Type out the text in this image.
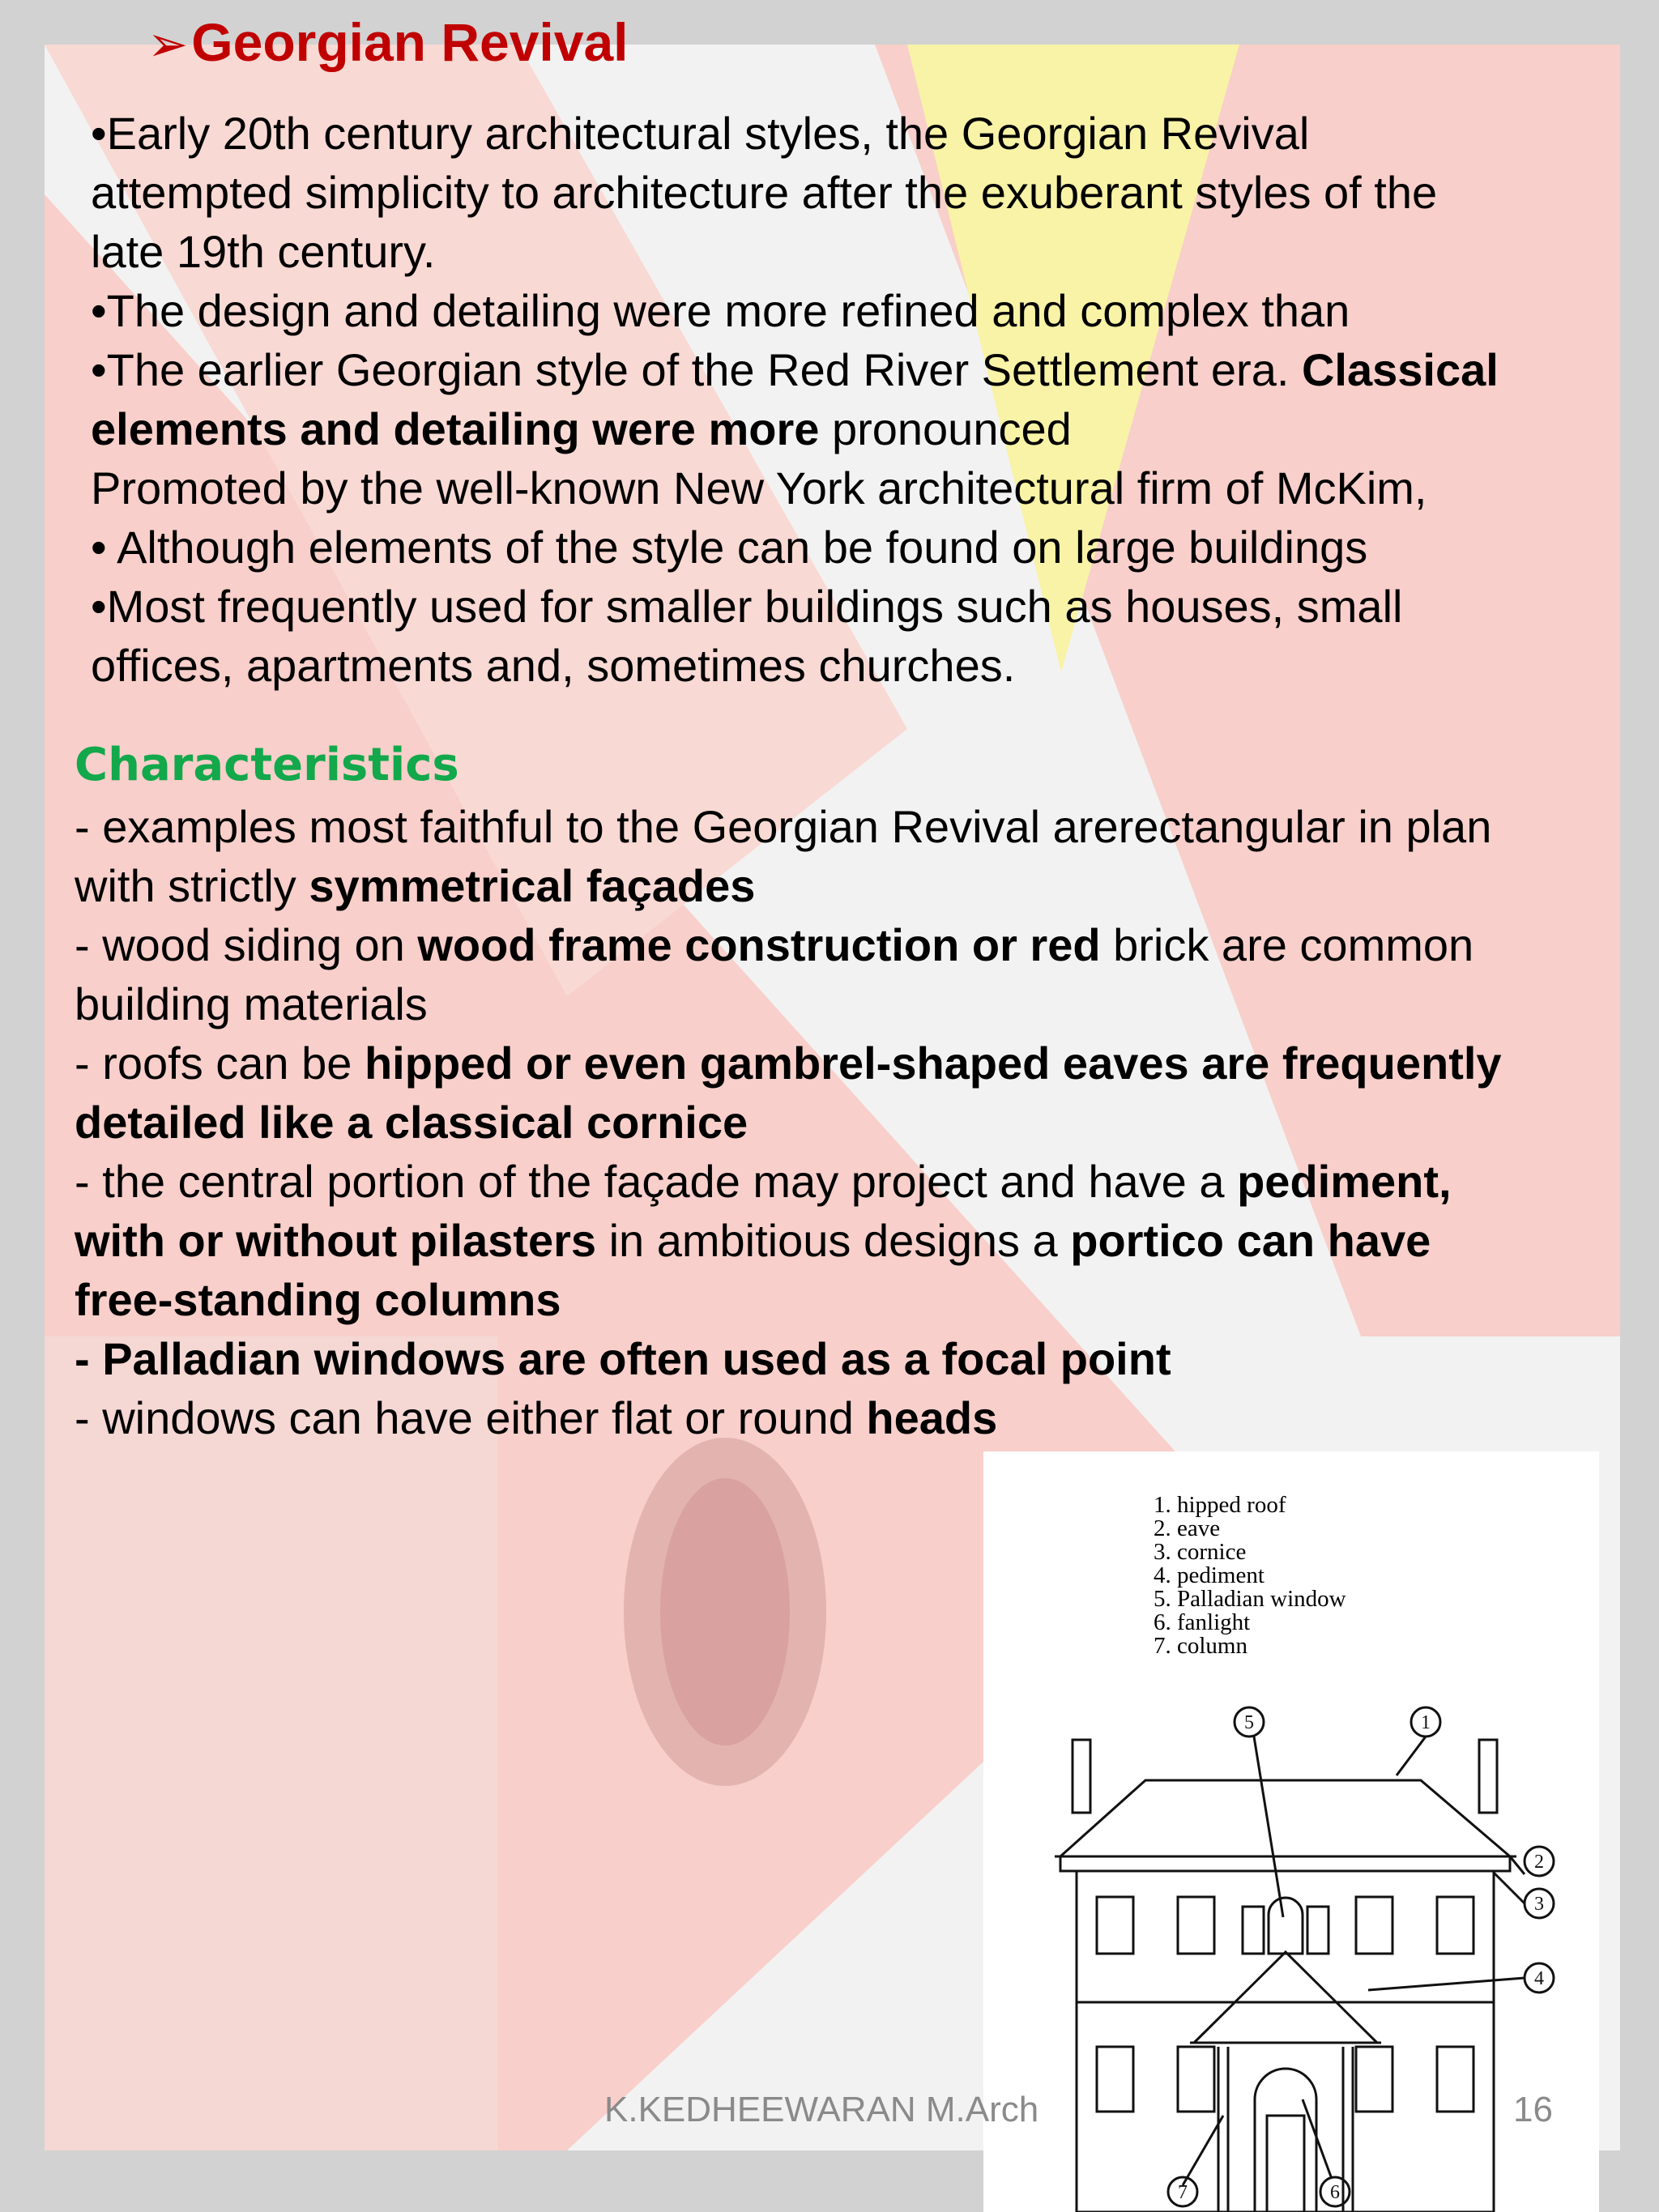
➢Georgian Revival
•Early 20th century architectural styles, the Georgian Revival
attempted simplicity to architecture after the exuberant styles of the
late 19th century.
•The design and detailing were more refined and complex than
•The earlier Georgian style of the Red River Settlement era. Classical
elements and detailing were more pronounced
Promoted by the well-known New York architectural firm of McKim,
• Although elements of the style can be found on large buildings
•Most frequently used for smaller buildings such as houses, small
offices, apartments and, sometimes churches.
Characteristics
- examples most faithful to the Georgian Revival arerectangular in plan
with strictly symmetrical façades
- wood siding on wood frame construction or red brick are common
building materials
- roofs can be hipped or even gambrel-shaped eaves are frequently
detailed like a classical cornice
- the central portion of the façade may project and have a pediment,
with or without pilasters in ambitious designs a portico can have
free-standing columns
- Palladian windows are often used as a focal point
- windows can have either flat or round heads
1. hipped roof
2. eave
3. cornice
4. pediment
5. Palladian window
6. fanlight
7. column
1
2
3
4
5
6
7
K.KEDHEEWARAN M.Arch	16
